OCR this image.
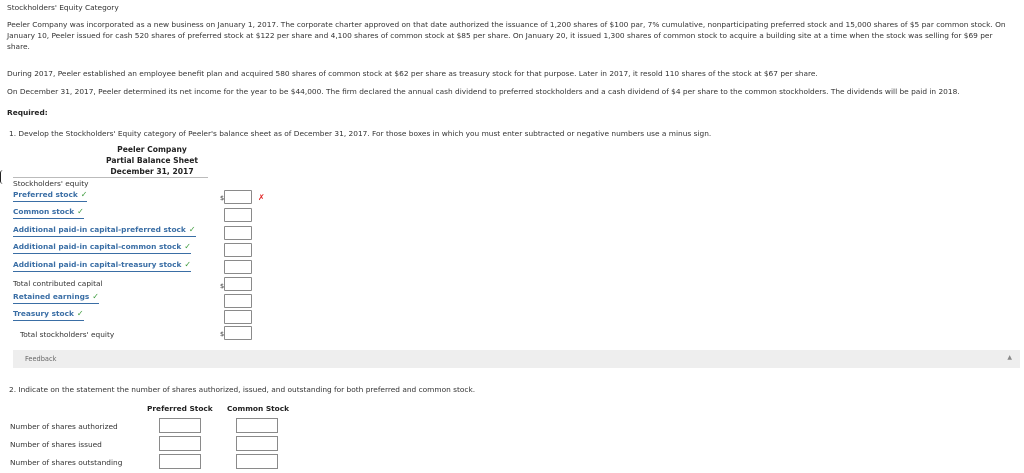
Stockholders' Equity Category
Peeler Company was incorporated as a new business on January 1, 2017. The corporate charter approved on that date authorized the issuance of 1,200 shares of $100 par, 7% cumulative, nonparticipating preferred stock and 15,000 shares of $5 par common stock. On January 10, Peeler issued for cash 520 shares of preferred stock at $122 per share and 4,100 shares of common stock at $85 per share. On January 20, it issued 1,300 shares of common stock to acquire a building site at a time when the stock was selling for $69 per share.
During 2017, Peeler established an employee benefit plan and acquired 580 shares of common stock at $62 per share as treasury stock for that purpose. Later in 2017, it resold 110 shares of the stock at $67 per share.
On December 31, 2017, Peeler determined its net income for the year to be $44,000. The firm declared the annual cash dividend to preferred stockholders and a cash dividend of $4 per share to the common stockholders. The dividends will be paid in 2018.
Required:
1. Develop the Stockholders' Equity category of Peeler's balance sheet as of December 31, 2017. For those boxes in which you must enter subtracted or negative numbers use a minus sign.
Peeler Company
Partial Balance Sheet
December 31, 2017
Stockholders' equity
Preferred stock ✓	$	✗
Common stock ✓
Additional paid-in capital-preferred stock ✓
Additional paid-in capital-common stock ✓
Additional paid-in capital-treasury stock ✓
Total contributed capital	$
Retained earnings ✓
Treasury stock ✓
Total stockholders' equity	$
Feedback	▲
2. Indicate on the statement the number of shares authorized, issued, and outstanding for both preferred and common stock.
Preferred Stock Common Stock
Number of shares authorized
Number of shares issued
Number of shares outstanding
